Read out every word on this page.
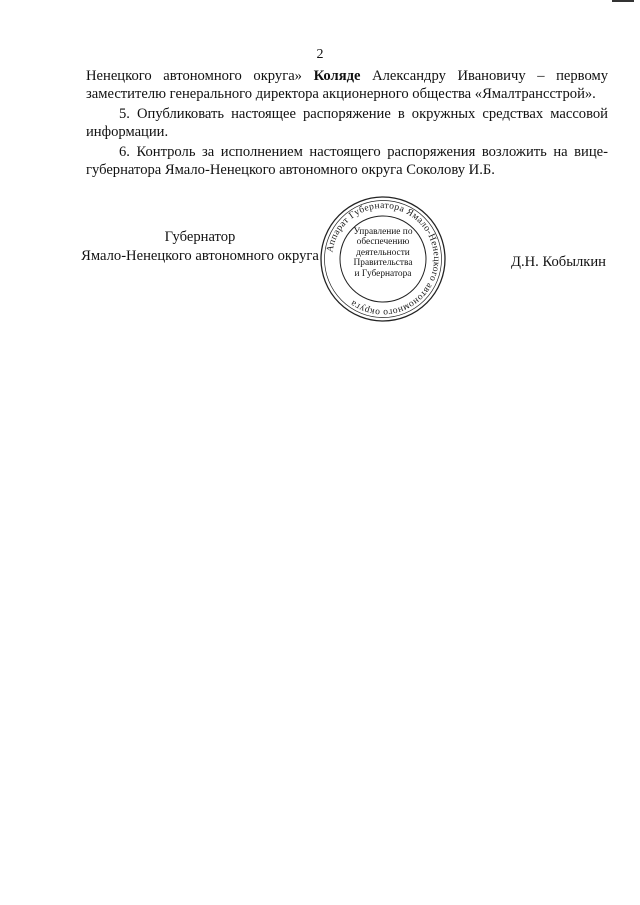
2

Ненецкого автономного округа» Коляде Александру Ивановичу – первому заместителю генерального директора акционерного общества «Ямалтрансстрой».

5. Опубликовать настоящее распоряжение в окружных средствах массовой информации.

6. Контроль за исполнением настоящего распоряжения возложить на вице-губернатора Ямало-Ненецкого автономного округа Соколову И.Б.

Губернатор
Ямало-Ненецкого автономного округа Аппарат Губернатора Ямало-Ненецкого автономного округа
Управление по
обеспечению
деятельности
Правительства
и Губернатора
Д.Н. Кобылкин
